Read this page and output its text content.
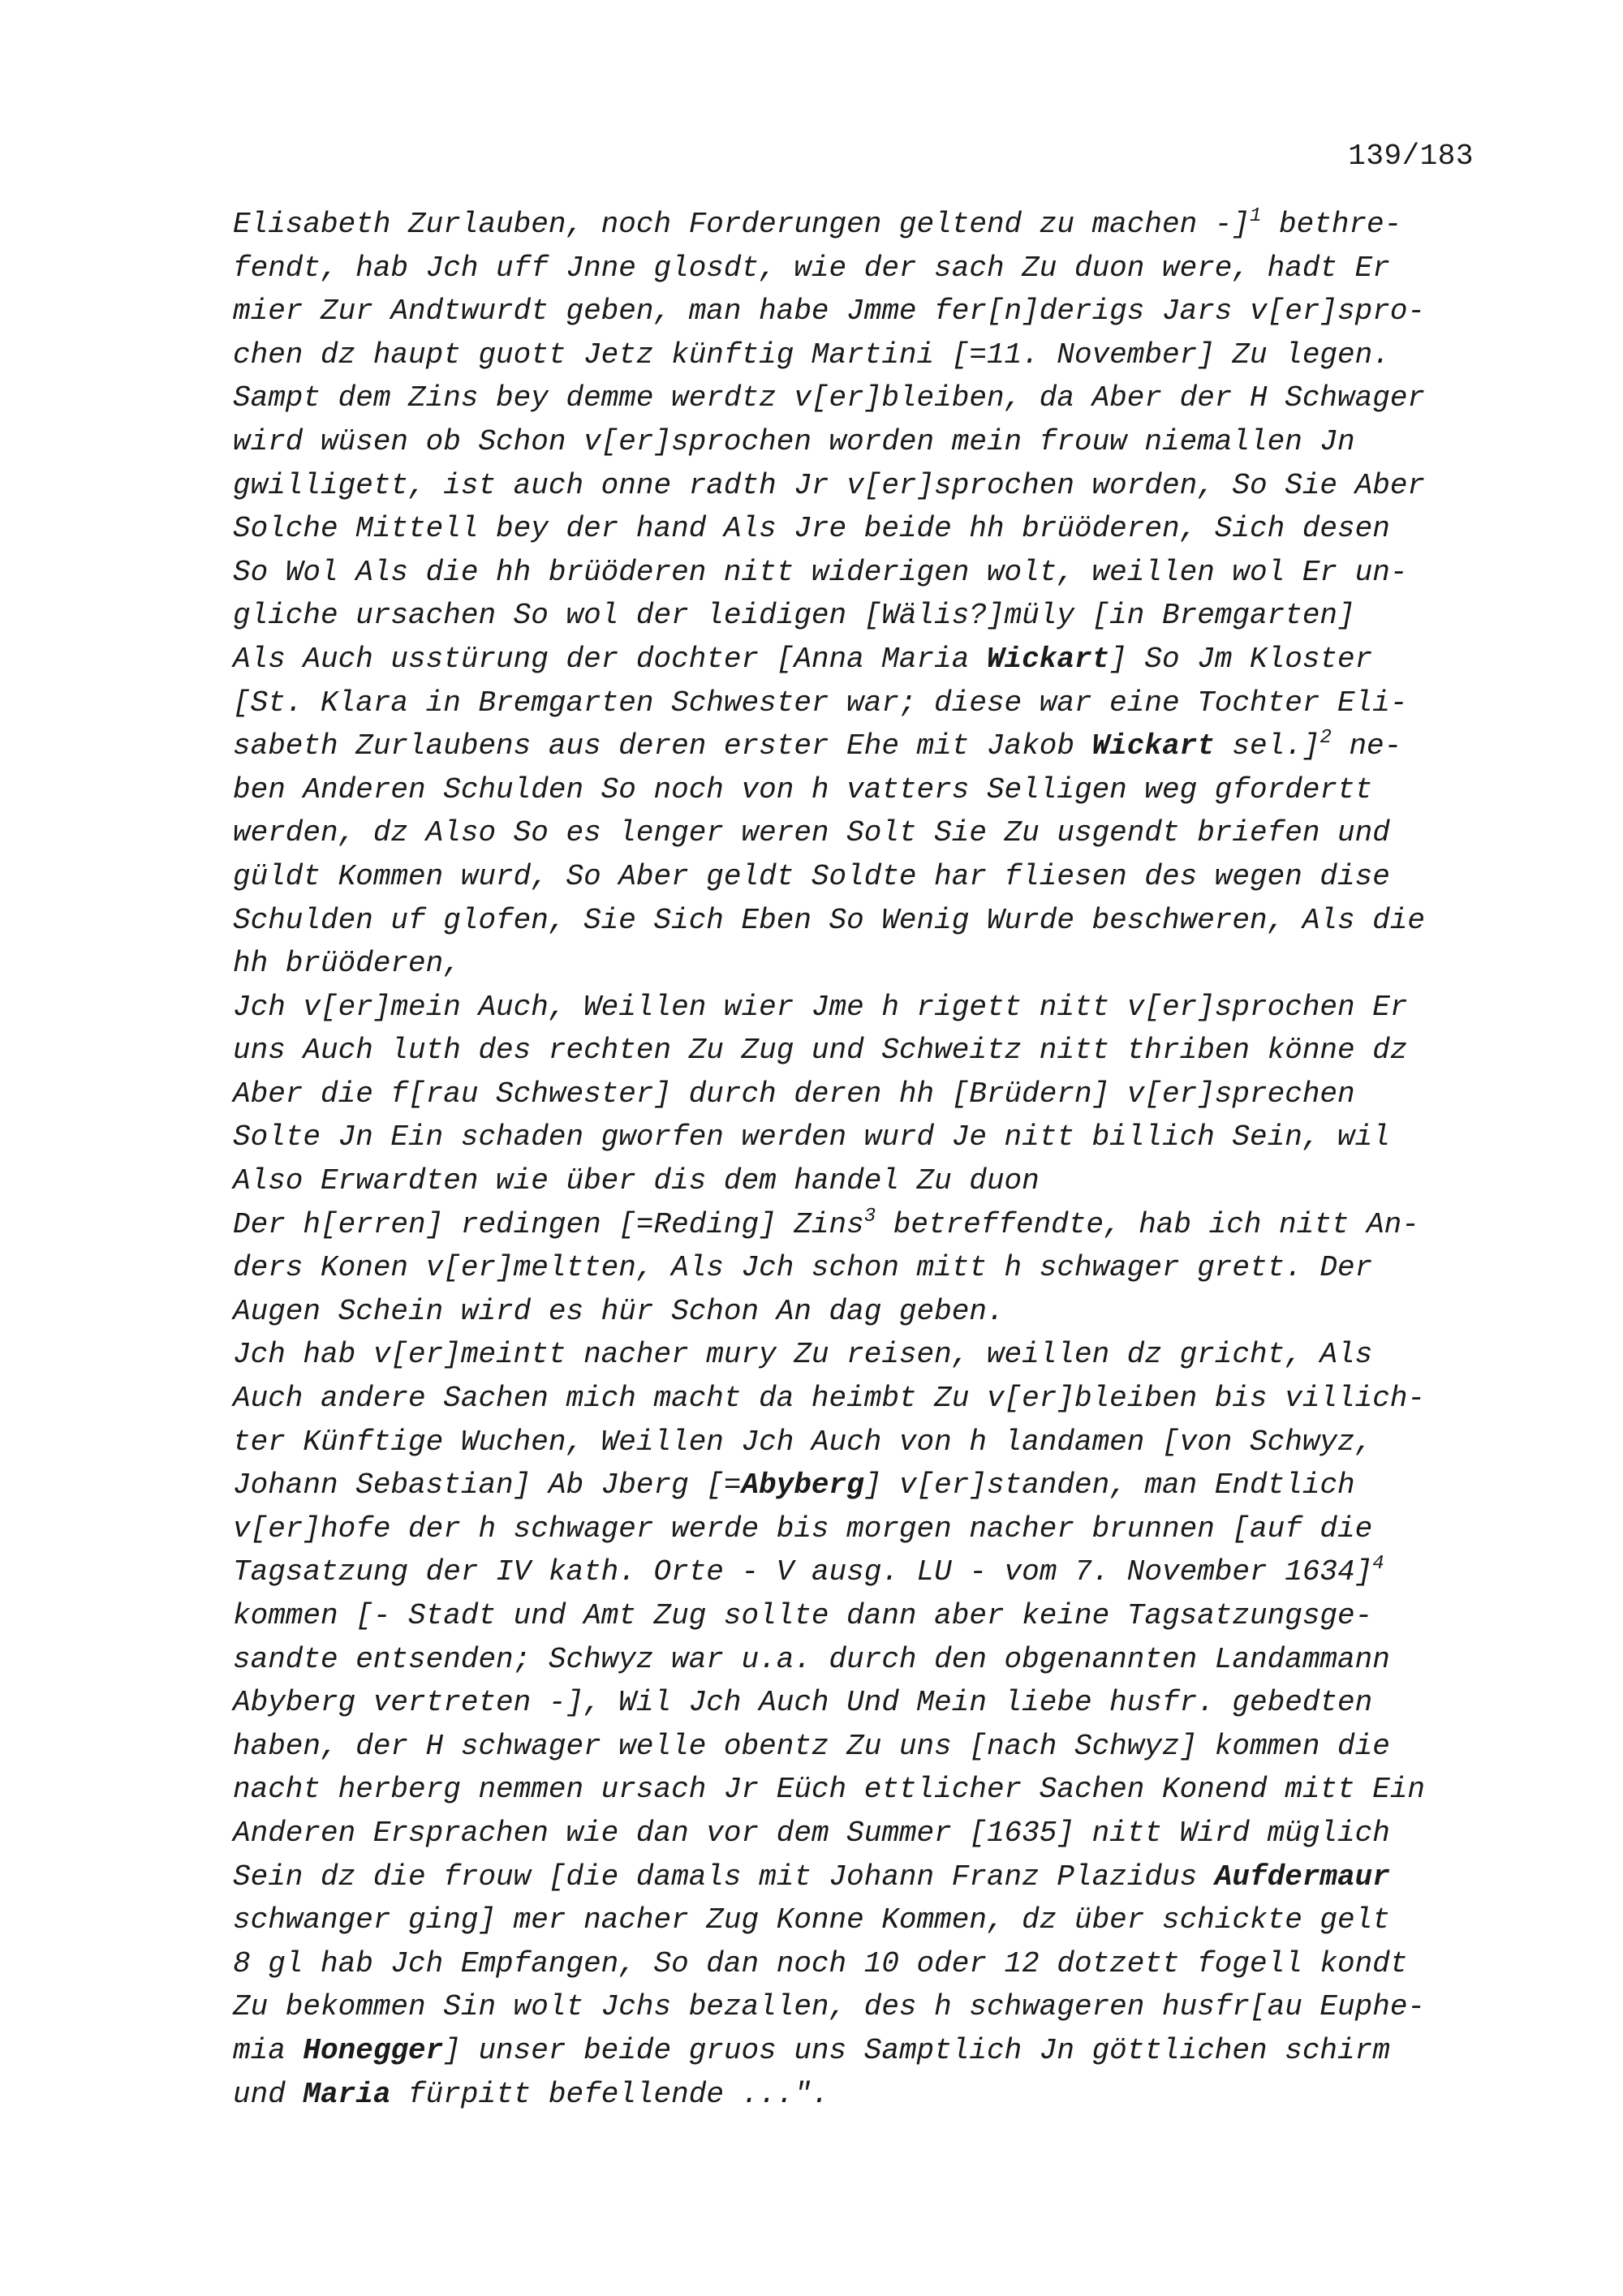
139/183
Elisabeth Zurlauben, noch Forderungen geltend zu machen -]$^1$ bethre-
fendt, hab Jch uff Jnne glosdt, wie der sach Zu duon were, hadt Er
mier Zur Andtwurdt geben, man habe Jmme fer[n]derigs Jars v[er]spro-
chen dz haupt guott Jetz künftig Martini [=11. November] Zu legen.
Sampt dem Zins bey demme werdtz v[er]bleiben, da Aber der H Schwager
wird wüsen ob Schon v[er]sprochen worden mein frouw niemallen Jn
gwilligett, ist auch onne radth Jr v[er]sprochen worden, So Sie Aber
Solche Mittell bey der hand Als Jre beide hh brüöderen, Sich desen
So Wol Als die hh brüöderen nitt widerigen wolt, weillen wol Er un-
gliche ursachen So wol der leidigen [Wälis?]müly [in Bremgarten]
Als Auch usstürung der dochter [Anna Maria Wickart] So Jm Kloster
[St. Klara in Bremgarten Schwester war; diese war eine Tochter Eli-
sabeth Zurlaubens aus deren erster Ehe mit Jakob Wickart sel.]$^2$ ne-
ben Anderen Schulden So noch von h vatters Selligen weg gfordertt
werden, dz Also So es lenger weren Solt Sie Zu usgendt briefen und
güldt Kommen wurd, So Aber geldt Soldte har fliesen des wegen dise
Schulden uf glofen, Sie Sich Eben So Wenig Wurde beschweren, Als die
hh brüöderen,
Jch v[er]mein Auch, Weillen wier Jme h rigett nitt v[er]sprochen Er
uns Auch luth des rechten Zu Zug und Schweitz nitt thriben könne dz
Aber die f[rau Schwester] durch deren hh [Brüdern] v[er]sprechen
Solte Jn Ein schaden gworfen werden wurd Je nitt billich Sein, wil
Also Erwardten wie über dis dem handel Zu duon
Der h[erren] redingen [=Reding] Zins$^3$ betreffendte, hab ich nitt An-
ders Konen v[er]meltten, Als Jch schon mitt h schwager grett. Der
Augen Schein wird es hür Schon An dag geben.
Jch hab v[er]meintt nacher mury Zu reisen, weillen dz gricht, Als
Auch andere Sachen mich macht da heimbt Zu v[er]bleiben bis villich-
ter Künftige Wuchen, Weillen Jch Auch von h landamen [von Schwyz,
Johann Sebastian] Ab Jberg [=Abyberg] v[er]standen, man Endtlich
v[er]hofe der h schwager werde bis morgen nacher brunnen [auf die
Tagsatzung der IV kath. Orte - V ausg. LU - vom 7. November 1634]$^4$
kommen [- Stadt und Amt Zug sollte dann aber keine Tagsatzungsge-
sandte entsenden; Schwyz war u.a. durch den obgenannten Landammann
Abyberg vertreten -], Wil Jch Auch Und Mein liebe husfr. gebedten
haben, der H schwager welle obentz Zu uns [nach Schwyz] kommen die
nacht herberg nemmen ursach Jr Eüch ettlicher Sachen Konend mitt Ein
Anderen Ersprachen wie dan vor dem Summer [1635] nitt Wird müglich
Sein dz die frouw [die damals mit Johann Franz Plazidus Aufdermaur
schwanger ging] mer nacher Zug Konne Kommen, dz über schickte gelt
8 gl hab Jch Empfangen, So dan noch 10 oder 12 dotzett fogell kondt
Zu bekommen Sin wolt Jchs bezallen, des h schwageren husfr[au Euphe-
mia Honegger] unser beide gruos uns Samptlich Jn göttlichen schirm
und Maria fürpitt befellende ...".
